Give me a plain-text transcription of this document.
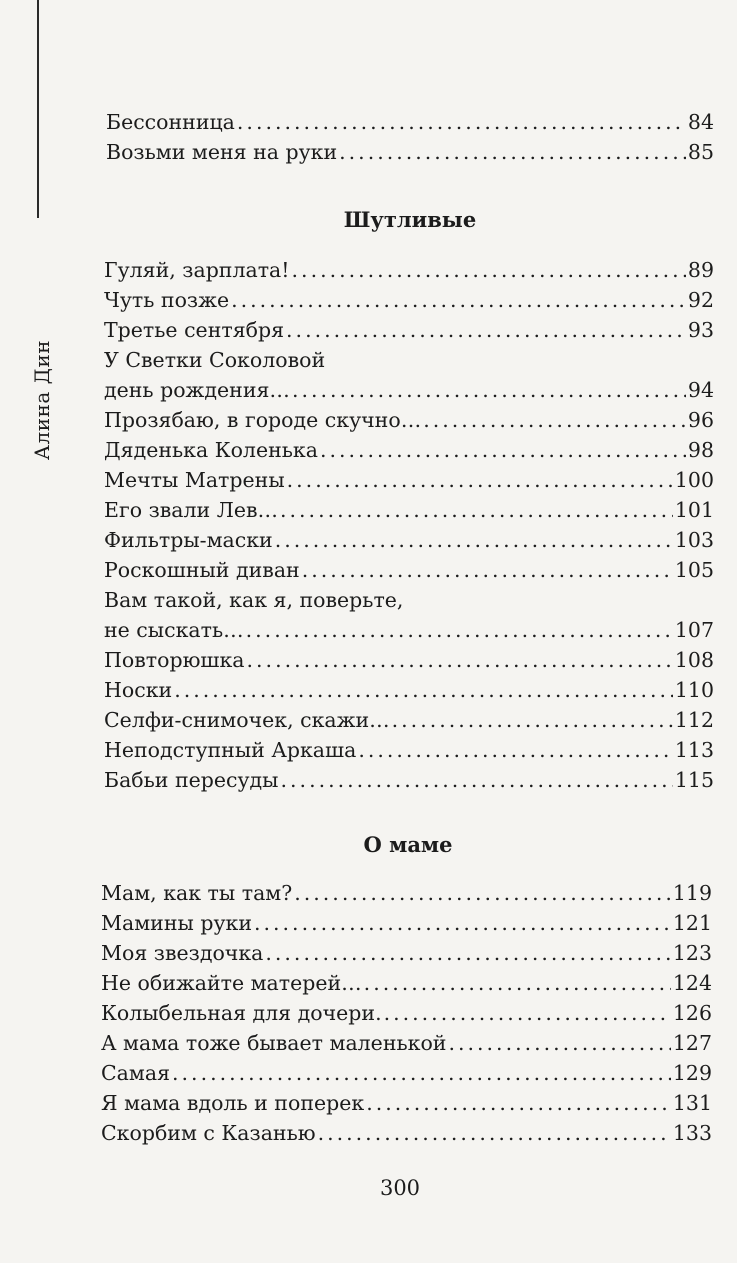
Алина Дин
Бессонница .....	84
Возьми меня на руки .....	85
Шутливые
Гуляй, зарплата! .....	89
Чуть позже .....	92
Третье сентября .....	93
У Светки Соколовой
день рождения… .....	94
Прозябаю, в городе скучно… .....	96
Дяденька Коленька .....	98
Мечты Матрены .....	100
Его звали Лев… .....	101
Фильтры-маски .....	103
Роскошный диван .....	105
Вам такой, как я, поверьте,
не сыскать… .....	107
Повторюшка .....	108
Носки .....	110
Селфи-снимочек, скажи… .....	112
Неподступный Аркаша .....	113
Бабьи пересуды .....	115
О маме
Мам, как ты там? .....	119
Мамины руки .....	121
Моя звездочка .....	123
Не обижайте матерей… .....	124
Колыбельная для дочери. .....	126
А мама тоже бывает маленькой .....	127
Самая .....	129
Я мама вдоль и поперек .....	131
Скорбим с Казанью .....	133
300
